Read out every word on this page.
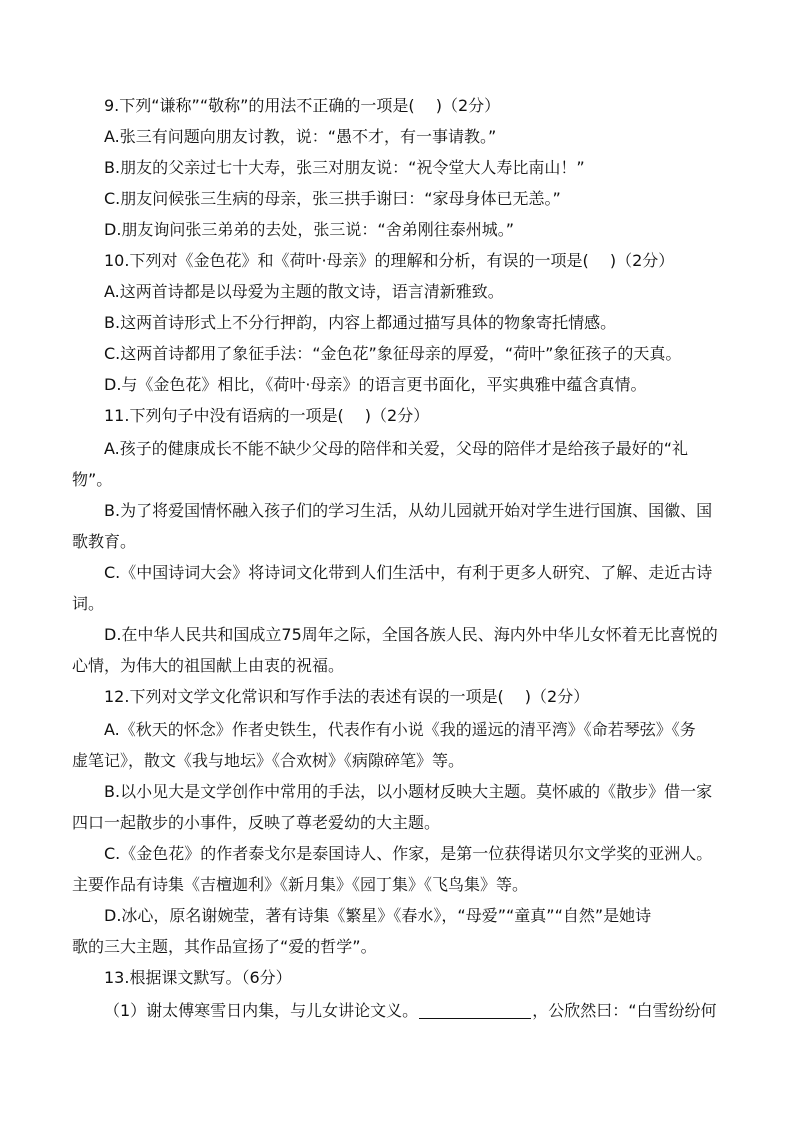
9.下列“谦称”“敬称”的用法不正确的一项是(　 )（2分）
A.张三有问题向朋友讨教，说：“愚不才，有一事请教。”
B.朋友的父亲过七十大寿，张三对朋友说：“祝令堂大人寿比南山！”
C.朋友问候张三生病的母亲，张三拱手谢曰：“家母身体已无恙。”
D.朋友询问张三弟弟的去处，张三说：“舍弟刚往泰州城。”
10.下列对《金色花》和《荷叶·母亲》的理解和分析，有误的一项是(　 )（2分）
A.这两首诗都是以母爱为主题的散文诗，语言清新雅致。
B.这两首诗形式上不分行押韵，内容上都通过描写具体的物象寄托情感。
C.这两首诗都用了象征手法：“金色花”象征母亲的厚爱，“荷叶”象征孩子的天真。
D.与《金色花》相比，《荷叶·母亲》的语言更书面化，平实典雅中蕴含真情。
11.下列句子中没有语病的一项是(　 )（2分）
A.孩子的健康成长不能不缺少父母的陪伴和关爱，父母的陪伴才是给孩子最好的“礼
物”。
B.为了将爱国情怀融入孩子们的学习生活，从幼儿园就开始对学生进行国旗、国徽、国
歌教育。
C.《中国诗词大会》将诗词文化带到人们生活中，有利于更多人研究、了解、走近古诗
词。
D.在中华人民共和国成立75周年之际，全国各族人民、海内外中华儿女怀着无比喜悦的
心情，为伟大的祖国献上由衷的祝福。
12.下列对文学文化常识和写作手法的表述有误的一项是(　 )（2分）
A.《秋天的怀念》作者史铁生，代表作有小说《我的遥远的清平湾》《命若琴弦》《务
虚笔记》，散文《我与地坛》《合欢树》《病隙碎笔》等。
B.以小见大是文学创作中常用的手法，以小题材反映大主题。莫怀戚的《散步》借一家
四口一起散步的小事件，反映了尊老爱幼的大主题。
C.《金色花》的作者泰戈尔是泰国诗人、作家，是第一位获得诺贝尔文学奖的亚洲人。
主要作品有诗集《吉檀迦利》《新月集》《园丁集》《飞鸟集》等。
D.冰心，原名谢婉莹，著有诗集《繁星》《春水》，“母爱”“童真”“自然”是她诗
歌的三大主题，其作品宣扬了“爱的哲学”。
13.根据课文默写。（6分）
（1）谢太傅寒雪日内集，与儿女讲论文义。	，公欣然曰：“白雪纷纷何
